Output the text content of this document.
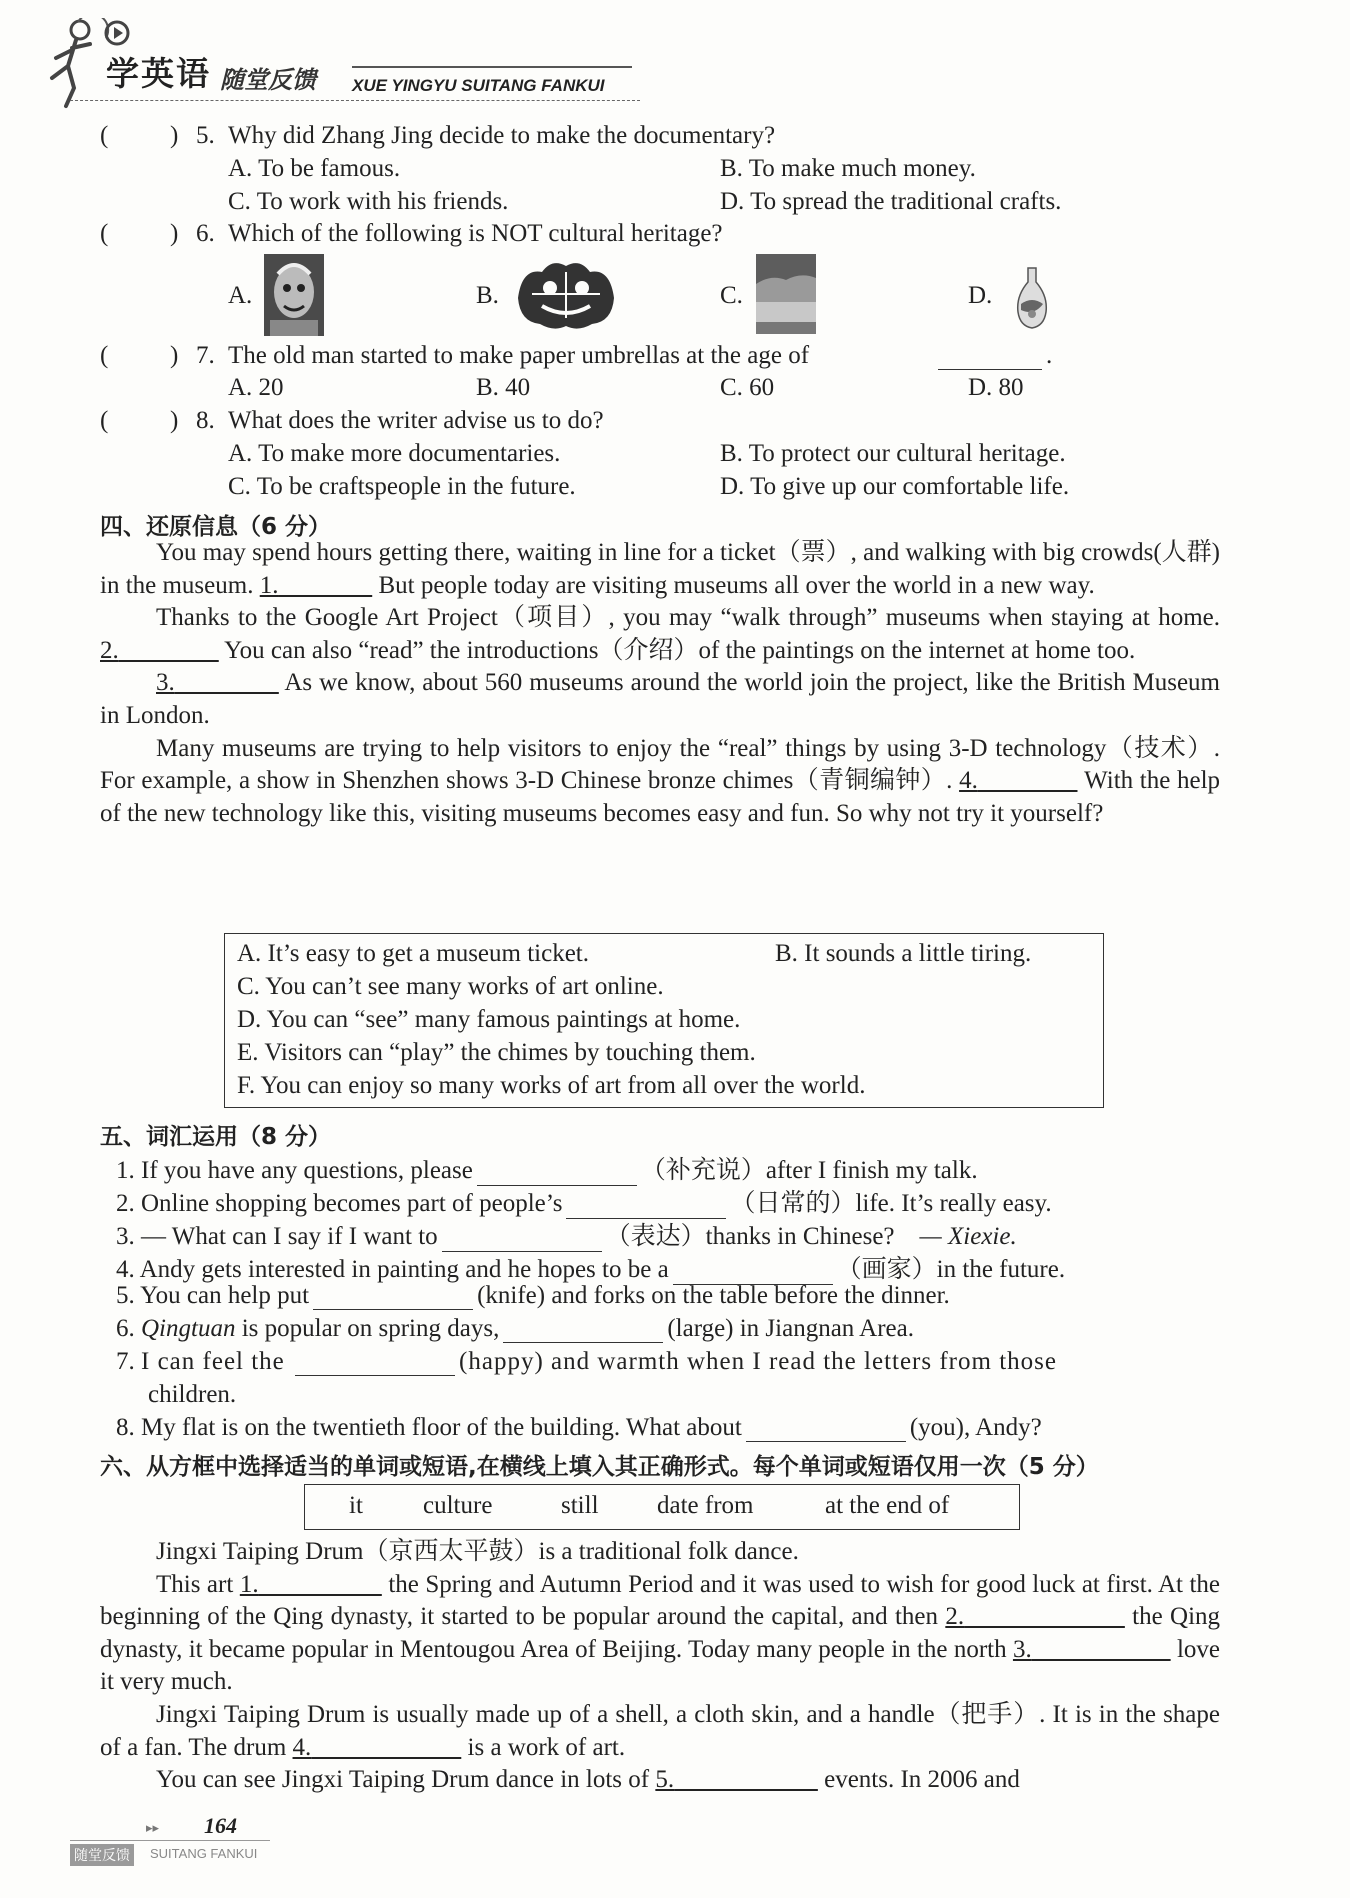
学英语 随堂反馈 XUE YINGYU SUITANG FANKUI
( ) 5. Why did Zhang Jing decide to make the documentary?
A. To be famous.	B. To make much money.
C. To work with his friends.	D. To spread the traditional crafts.
( ) 6. Which of the following is NOT cultural heritage?
A.	B.	C.	D.
( ) 7. The old man started to make paper umbrellas at the age of	.
A. 20	B. 40	C. 60	D. 80
( ) 8. What does the writer advise us to do?
A. To make more documentaries.	B. To protect our cultural heritage.
C. To be craftspeople in the future.	D. To give up our comfortable life.
四、还原信息（6 分）

You may spend hours getting there, waiting in line for a ticket（票）, and walking with big crowds(人群) in the museum. 1.	But people today are visiting museums all over the world in a new way.

Thanks to the Google Art Project（项目）, you may “walk through” museums when staying at home. 2.	You can also “read” the introductions（介绍）of the paintings on the internet at home too.

3.	As we know, about 560 museums around the world join the project, like the British Museum in London.

Many museums are trying to help visitors to enjoy the “real” things by using 3-D technology（技术）. For example, a show in Shenzhen shows 3-D Chinese bronze chimes（青铜编钟）. 4.	With the help of the new technology like this, visiting museums becomes easy and fun. So why not try it yourself?

A. It’s easy to get a museum ticket.	B. It sounds a little tiring.
C. You can’t see many works of art online.
D. You can “see” many famous paintings at home.
E. Visitors can “play” the chimes by touching them.
F. You can enjoy so many works of art from all over the world.
五、词汇运用（8 分）
1. If you have any questions, please	（补充说）after I finish my talk.
2. Online shopping becomes part of people’s	（日常的）life. It’s really easy.
3. — What can I say if I want to	（表达）thanks in Chinese? — Xiexie.
4. Andy gets interested in painting and he hopes to be a	（画家）in the future.
5. You can help put	(knife) and forks on the table before the dinner.
6. Qingtuan is popular on spring days,	(large) in Jiangnan Area.
7. I can feel the	(happy) and warmth when I read the letters from those
children.
8. My flat is on the twentieth floor of the building. What about	(you), Andy?
六、从方框中选择适当的单词或短语,在横线上填入其正确形式。每个单词或短语仅用一次（5 分）
it culture	still date from	at the end of

Jingxi Taiping Drum（京西太平鼓）is a traditional folk dance.

This art 1.	the Spring and Autumn Period and it was used to wish for good luck at first. At the beginning of the Qing dynasty, it started to be popular around the capital, and then 2.	the Qing dynasty, it became popular in Mentougou Area of Beijing. Today many people in the north 3.	love it very much.

Jingxi Taiping Drum is usually made up of a shell, a cloth skin, and a handle（把手）. It is in the shape of a fan. The drum 4.	is a work of art.

You can see Jingxi Taiping Drum dance in lots of 5.	events. In 2006 and

▸▸ 164
随堂反馈	SUITANG FANKUI
